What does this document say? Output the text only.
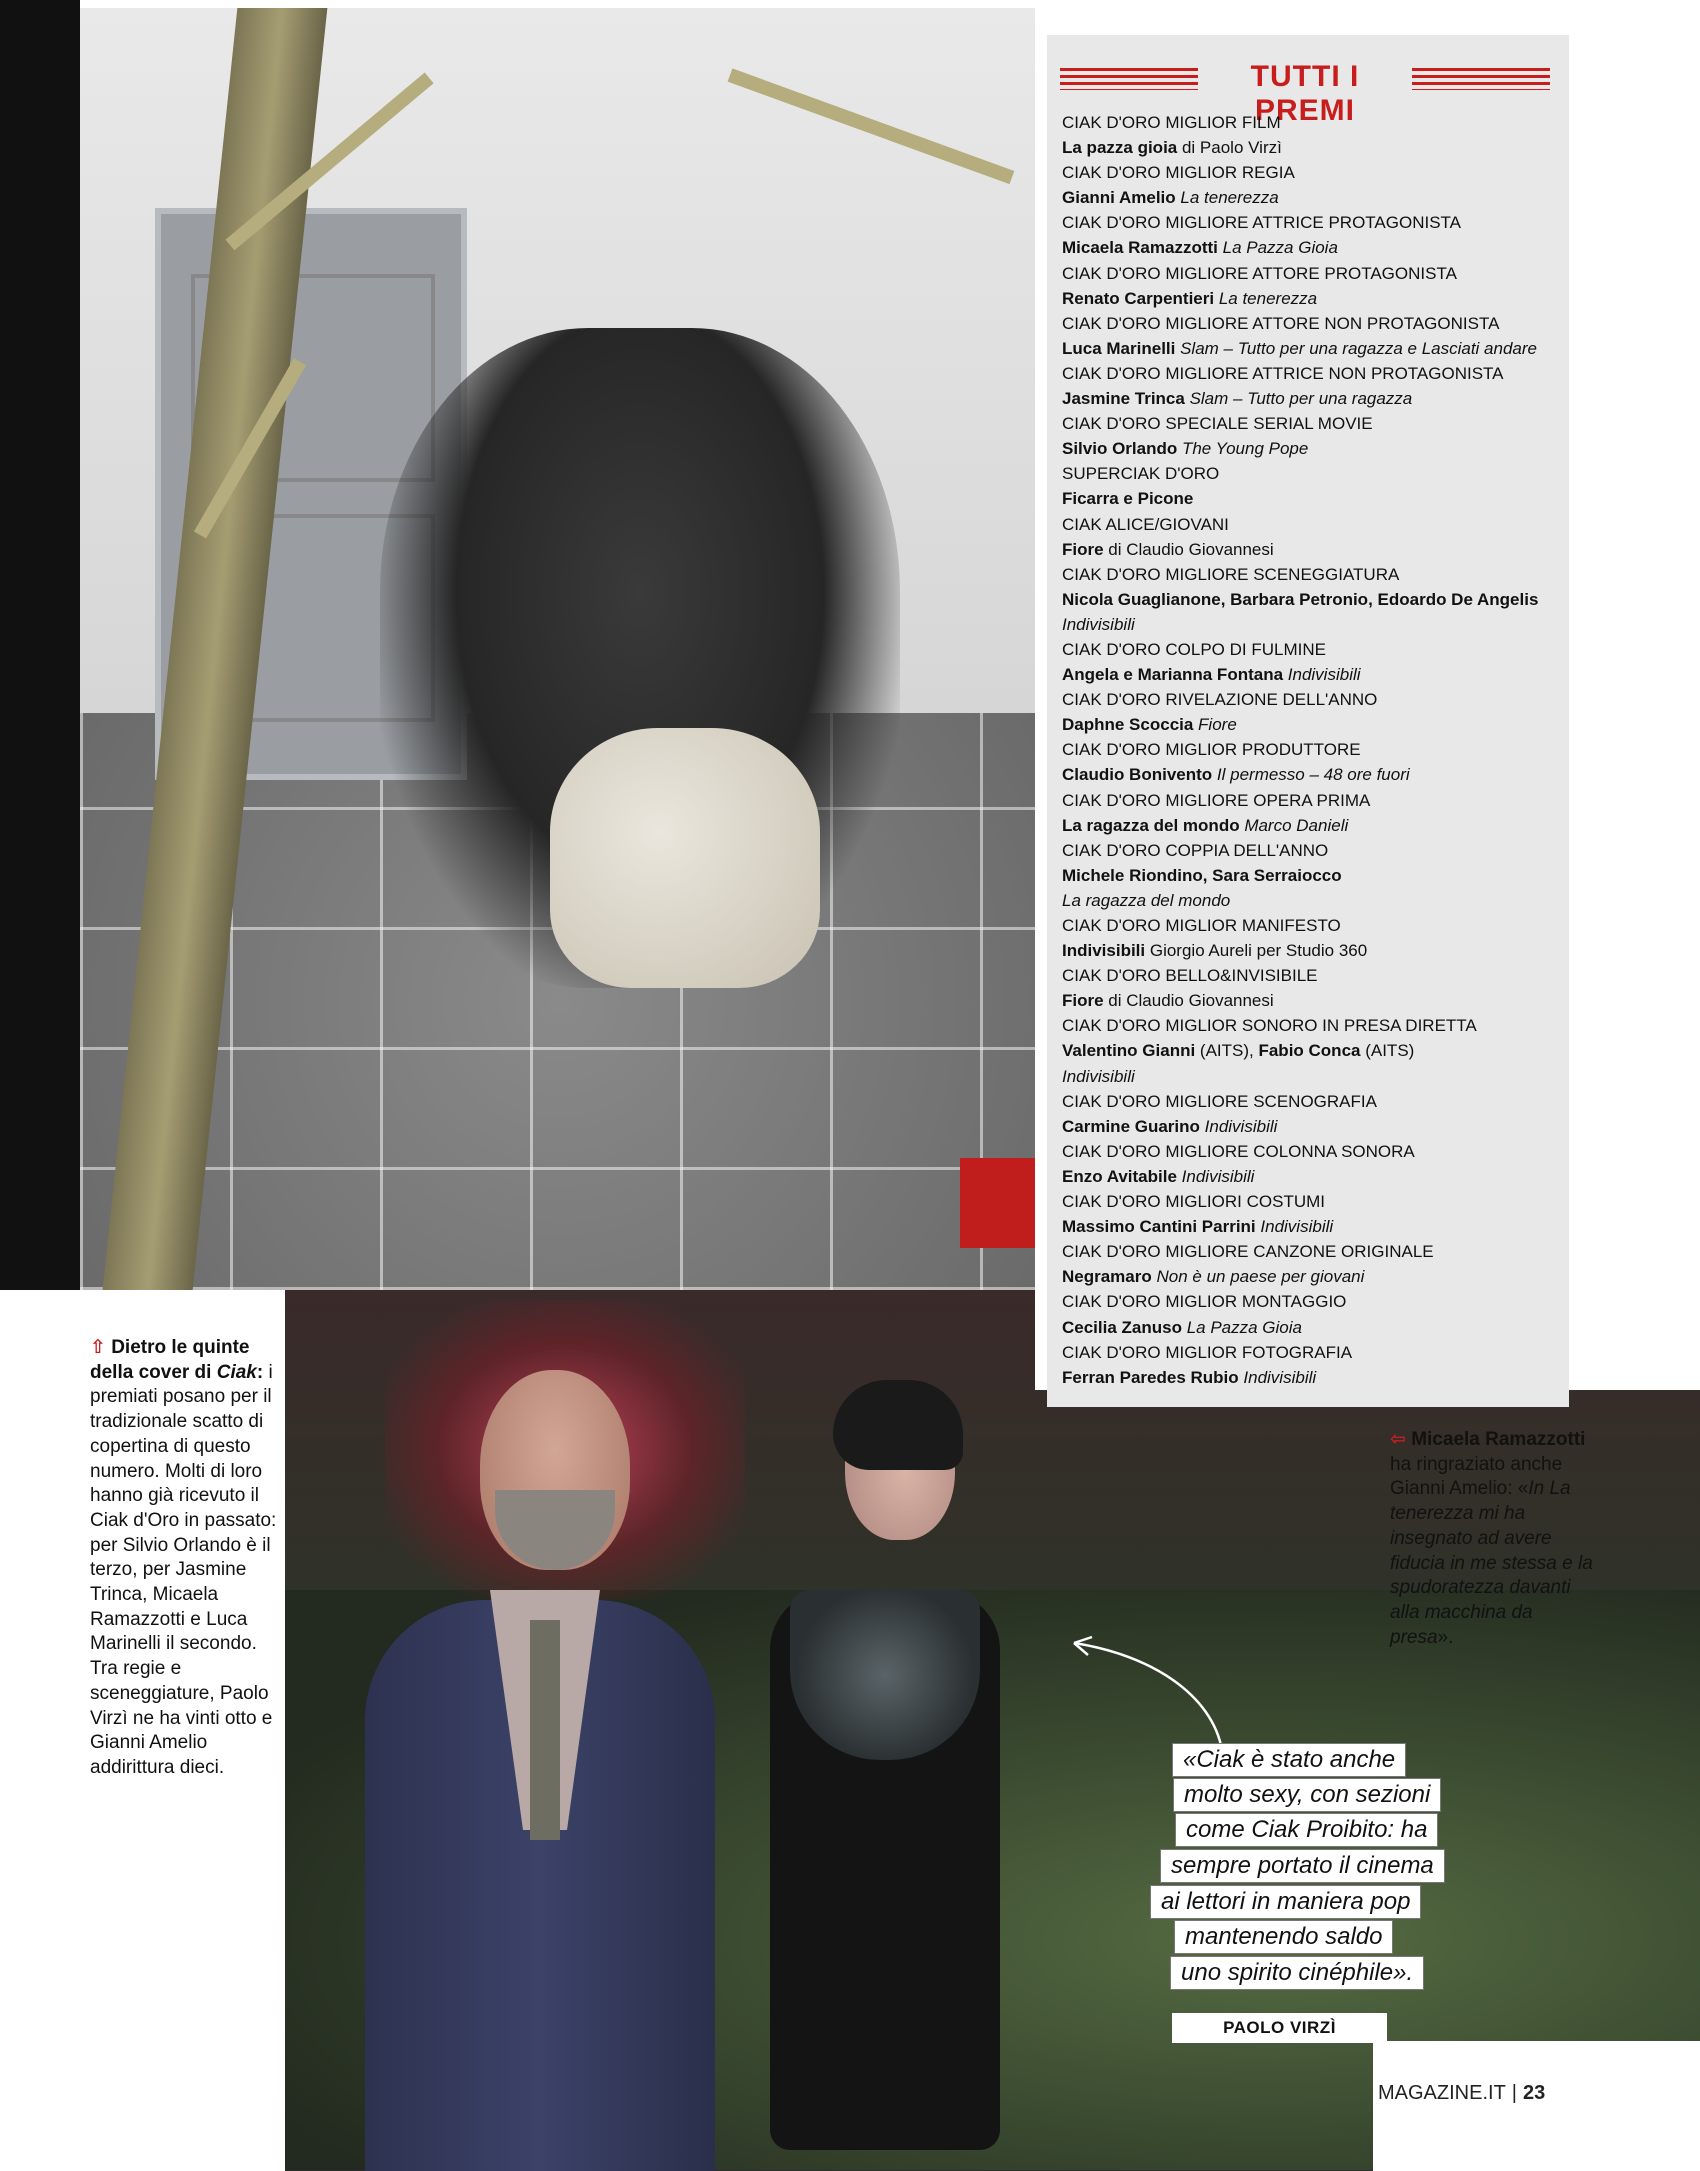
TUTTI I PREMI
CIAK D'ORO MIGLIOR FILM
La pazza gioia di Paolo Virzì
CIAK D'ORO MIGLIOR REGIA
Gianni Amelio La tenerezza
CIAK D'ORO MIGLIORE ATTRICE PROTAGONISTA
Micaela Ramazzotti La Pazza Gioia
CIAK D'ORO MIGLIORE ATTORE PROTAGONISTA
Renato Carpentieri La tenerezza
CIAK D'ORO MIGLIORE ATTORE NON PROTAGONISTA
Luca Marinelli Slam – Tutto per una ragazza e Lasciati andare
CIAK D'ORO MIGLIORE ATTRICE NON PROTAGONISTA
Jasmine Trinca Slam – Tutto per una ragazza
CIAK D'ORO SPECIALE SERIAL MOVIE
Silvio Orlando The Young Pope
SUPERCIAK D'ORO
Ficarra e Picone
CIAK ALICE/GIOVANI
Fiore di Claudio Giovannesi
CIAK D'ORO MIGLIORE SCENEGGIATURA
Nicola Guaglianone, Barbara Petronio, Edoardo De Angelis
Indivisibili
CIAK D'ORO COLPO DI FULMINE
Angela e Marianna Fontana Indivisibili
CIAK D'ORO RIVELAZIONE DELL'ANNO
Daphne Scoccia Fiore
CIAK D'ORO MIGLIOR PRODUTTORE
Claudio Bonivento Il permesso – 48 ore fuori
CIAK D'ORO MIGLIORE OPERA PRIMA
La ragazza del mondo Marco Danieli
CIAK D'ORO COPPIA DELL'ANNO
Michele Riondino, Sara Serraiocco
La ragazza del mondo
CIAK D'ORO MIGLIOR MANIFESTO
Indivisibili Giorgio Aureli per Studio 360
CIAK D'ORO BELLO&INVISIBILE
Fiore di Claudio Giovannesi
CIAK D'ORO MIGLIOR SONORO IN PRESA DIRETTA
Valentino Gianni (AITS), Fabio Conca (AITS)
Indivisibili
CIAK D'ORO MIGLIORE SCENOGRAFIA
Carmine Guarino Indivisibili
CIAK D'ORO MIGLIORE COLONNA SONORA
Enzo Avitabile Indivisibili
CIAK D'ORO MIGLIORI COSTUMI
Massimo Cantini Parrini Indivisibili
CIAK D'ORO MIGLIORE CANZONE ORIGINALE
Negramaro Non è un paese per giovani
CIAK D'ORO MIGLIOR MONTAGGIO
Cecilia Zanuso La Pazza Gioia
CIAK D'ORO MIGLIOR FOTOGRAFIA
Ferran Paredes Rubio Indivisibili
⇧ Dietro le quinte della cover di Ciak: i premiati posano per il tradizionale scatto di copertina di questo numero. Molti di loro hanno già ricevuto il Ciak d'Oro in passato: per Silvio Orlando è il terzo, per Jasmine Trinca, Micaela Ramazzotti e Luca Marinelli il secondo. Tra regie e sceneggiature, Paolo Virzì ne ha vinti otto e Gianni Amelio addirittura dieci.
⇦ Micaela Ramazzotti ha ringraziato anche Gianni Amelio: «In La tenerezza mi ha insegnato ad avere fiducia in me stessa e la spudoratezza davanti alla macchina da presa».
«Ciak è stato anche
molto sexy, con sezioni
come Ciak Proibito: ha
sempre portato il cinema
ai lettori in maniera pop
mantenendo saldo
uno spirito cinéphile».
PAOLO VIRZÌ
MAGAZINE.IT | 23
